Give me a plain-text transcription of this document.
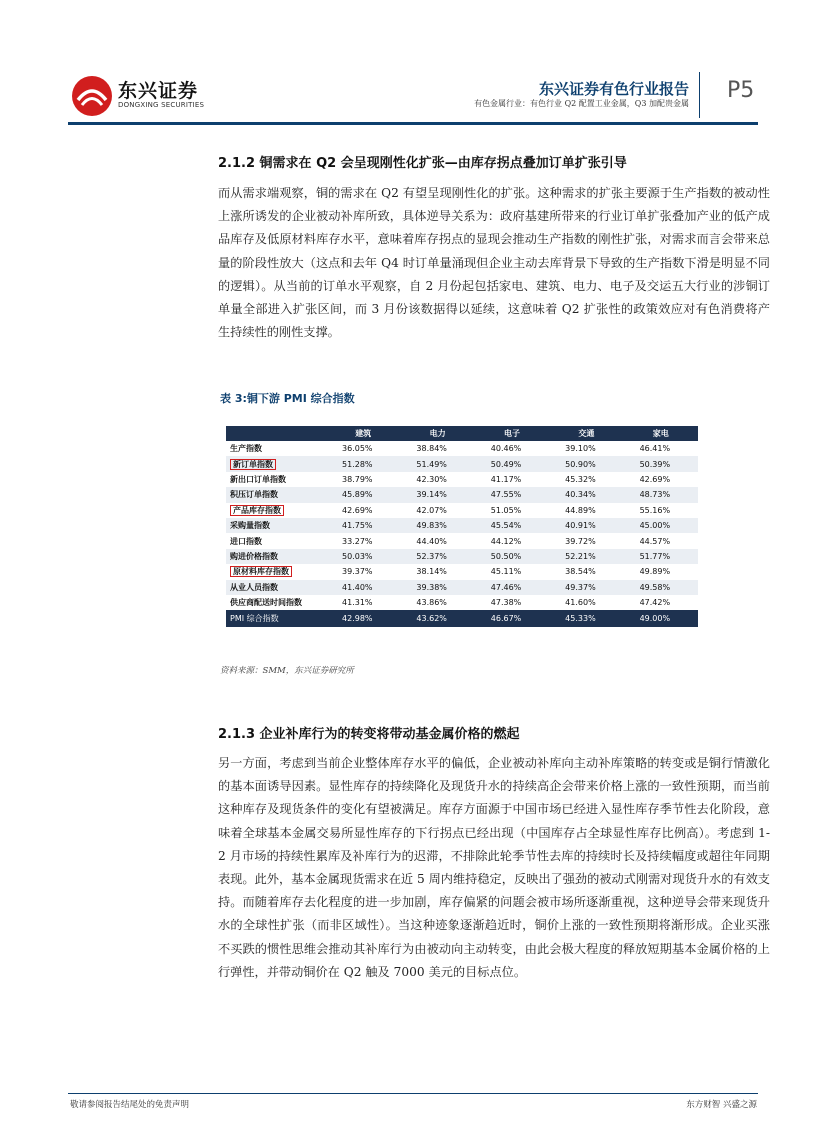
东兴证券
DONGXING SECURITIES
东兴证券有色行业报告
有色金属行业：有色行业 Q2 配置工业金属，Q3 加配贵金属
P5
2.1.2 铜需求在 Q2 会呈现刚性化扩张—由库存拐点叠加订单扩张引导
而从需求端观察，铜的需求在 Q2 有望呈现刚性化的扩张。这种需求的扩张主要源于生产指数的被动性上涨所诱发的企业被动补库所致，具体逆导关系为：政府基建所带来的行业订单扩张叠加产业的低产成品库存及低原材料库存水平，意味着库存拐点的显现会推动生产指数的刚性扩张，对需求而言会带来总量的阶段性放大（这点和去年 Q4 时订单量涌现但企业主动去库背景下导致的生产指数下滑是明显不同的逻辑）。从当前的订单水平观察，自 2 月份起包括家电、建筑、电力、电子及交运五大行业的涉铜订单量全部进入扩张区间，而 3 月份该数据得以延续，这意味着 Q2 扩张性的政策效应对有色消费将产生持续性的刚性支撑。
表 3:铜下游 PMI 综合指数
	建筑	电力	电子	交通	家电
生产指数	36.05%	38.84%	40.46%	39.10%	46.41%
新订单指数	51.28%	51.49%	50.49%	50.90%	50.39%
新出口订单指数	38.79%	42.30%	41.17%	45.32%	42.69%
积压订单指数	45.89%	39.14%	47.55%	40.34%	48.73%
产品库存指数	42.69%	42.07%	51.05%	44.89%	55.16%
采购量指数	41.75%	49.83%	45.54%	40.91%	45.00%
进口指数	33.27%	44.40%	44.12%	39.72%	44.57%
购进价格指数	50.03%	52.37%	50.50%	52.21%	51.77%
原材料库存指数	39.37%	38.14%	45.11%	38.54%	49.89%
从业人员指数	41.40%	39.38%	47.46%	49.37%	49.58%
供应商配送时间指数	41.31%	43.86%	47.38%	41.60%	47.42%
PMI 综合指数	42.98%	43.62%	46.67%	45.33%	49.00%
资料来源：SMM，东兴证券研究所
2.1.3 企业补库行为的转变将带动基金属价格的燃起
另一方面，考虑到当前企业整体库存水平的偏低，企业被动补库向主动补库策略的转变或是铜行情激化的基本面诱导因素。显性库存的持续降化及现货升水的持续高企会带来价格上涨的一致性预期，而当前这种库存及现货条件的变化有望被满足。库存方面源于中国市场已经进入显性库存季节性去化阶段，意味着全球基本金属交易所显性库存的下行拐点已经出现（中国库存占全球显性库存比例高）。考虑到 1-2 月市场的持续性累库及补库行为的迟滞，不排除此轮季节性去库的持续时长及持续幅度或超往年同期表现。此外，基本金属现货需求在近 5 周内维持稳定，反映出了强劲的被动式刚需对现货升水的有效支持。而随着库存去化程度的进一步加剧，库存偏紧的问题会被市场所逐渐重视，这种逆导会带来现货升水的全球性扩张（而非区域性）。当这种迹象逐渐趋近时，铜价上涨的一致性预期将渐形成。企业买涨不买跌的惯性思维会推动其补库行为由被动向主动转变，由此会极大程度的释放短期基本金属价格的上行弹性，并带动铜价在 Q2 触及 7000 美元的目标点位。
敬请参阅报告结尾处的免责声明	东方财智 兴盛之源
